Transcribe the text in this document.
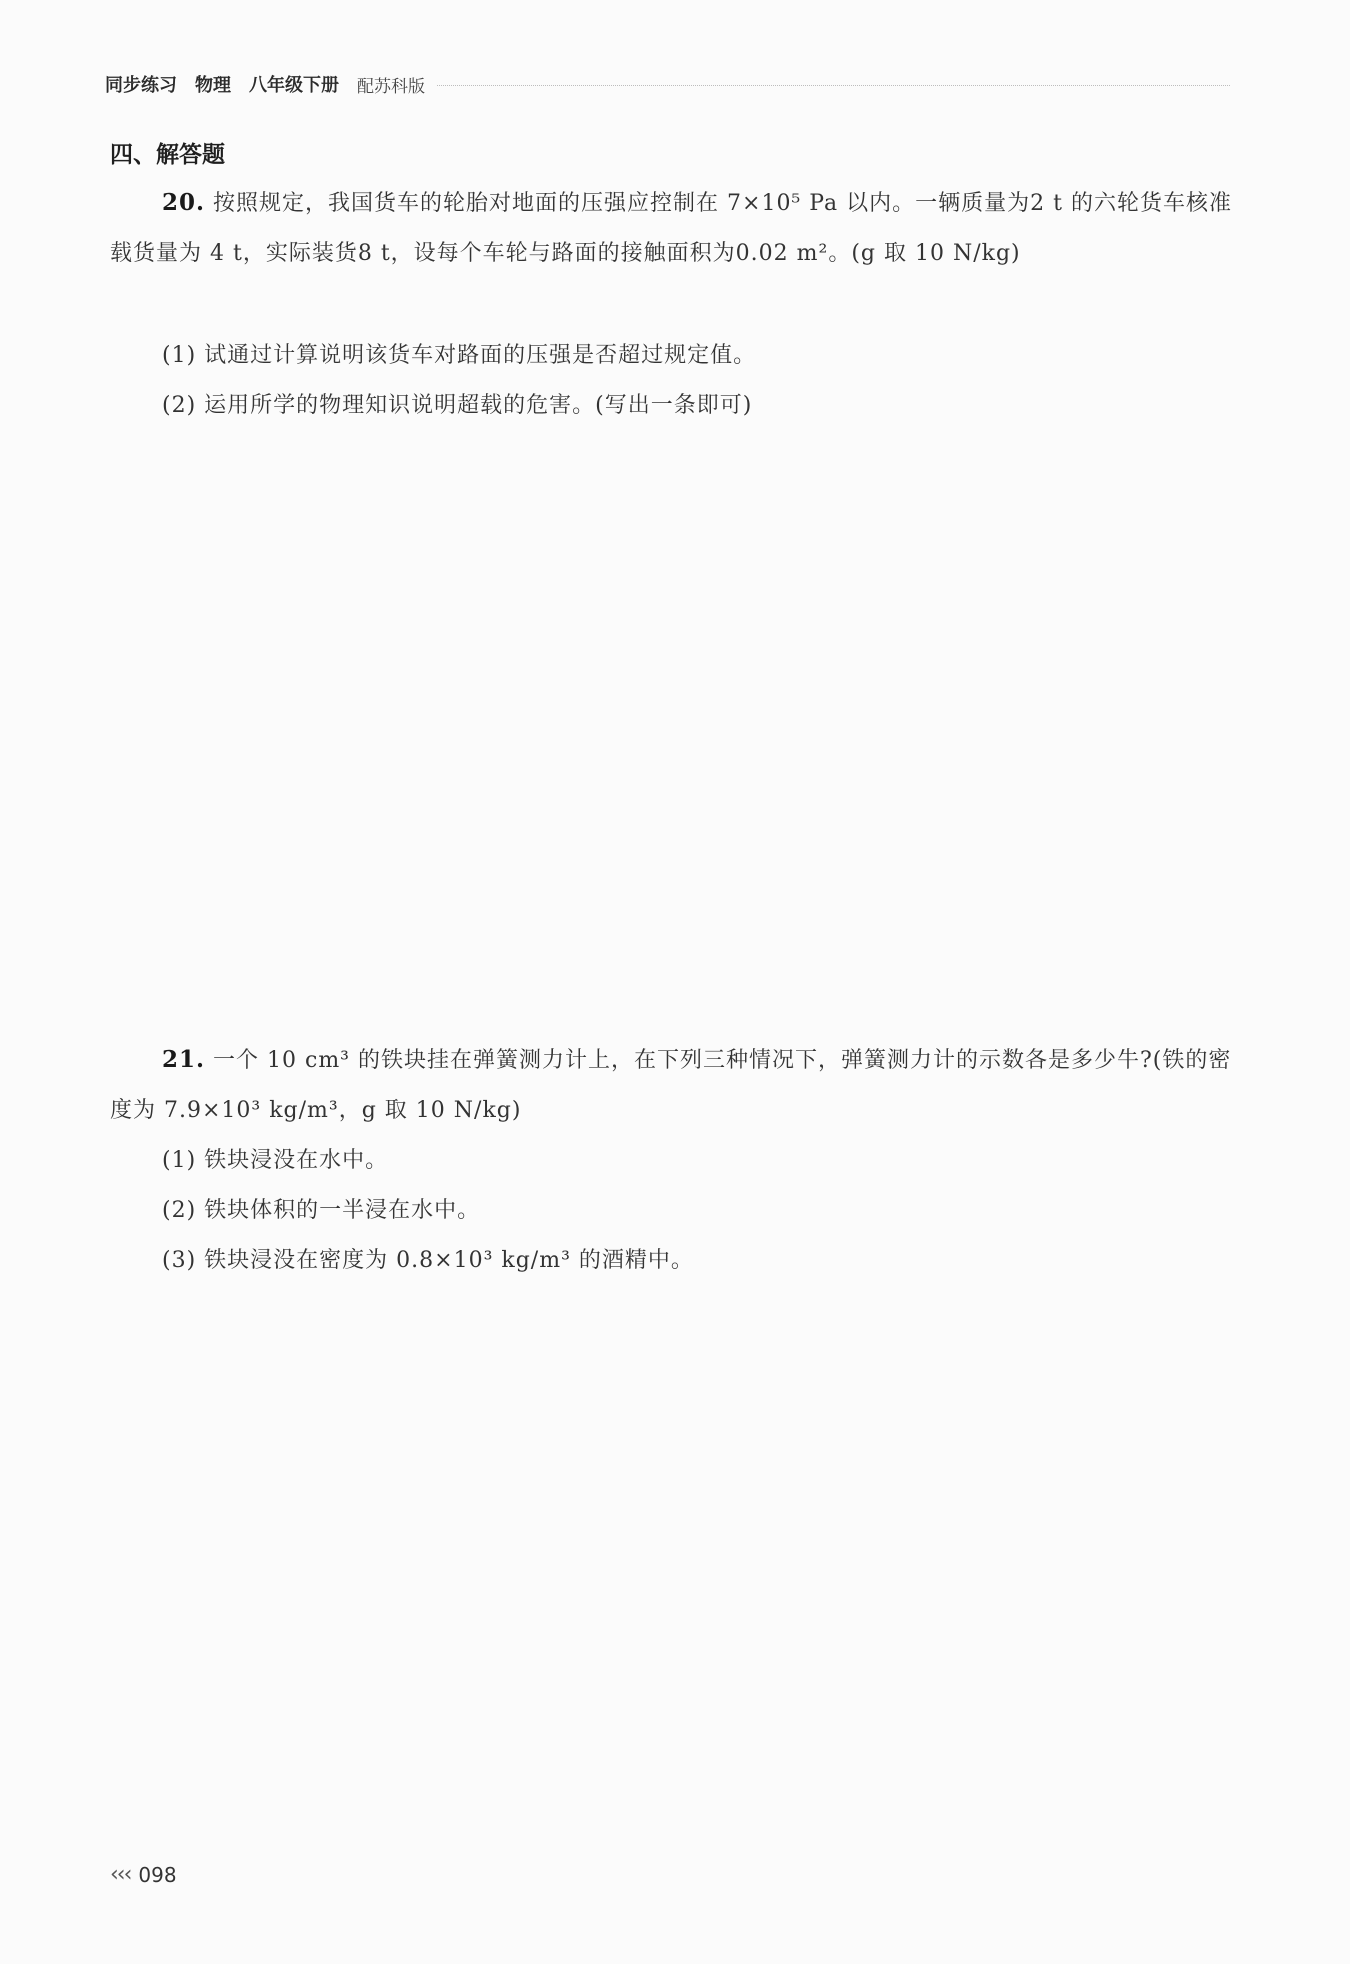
同步练习 物理 八年级下册 配苏科版
四、解答题
20. 按照规定，我国货车的轮胎对地面的压强应控制在 7×10⁵ Pa 以内。一辆质量为2 t 的六轮货车核准载货量为 4 t，实际装货8 t，设每个车轮与路面的接触面积为0.02 m²。(g 取 10 N/kg)
(1) 试通过计算说明该货车对路面的压强是否超过规定值。
(2) 运用所学的物理知识说明超载的危害。(写出一条即可)
21. 一个 10 cm³ 的铁块挂在弹簧测力计上，在下列三种情况下，弹簧测力计的示数各是多少牛?(铁的密度为 7.9×10³ kg/m³，g 取 10 N/kg)
(1) 铁块浸没在水中。
(2) 铁块体积的一半浸在水中。
(3) 铁块浸没在密度为 0.8×10³ kg/m³ 的酒精中。
‹‹‹ 098
